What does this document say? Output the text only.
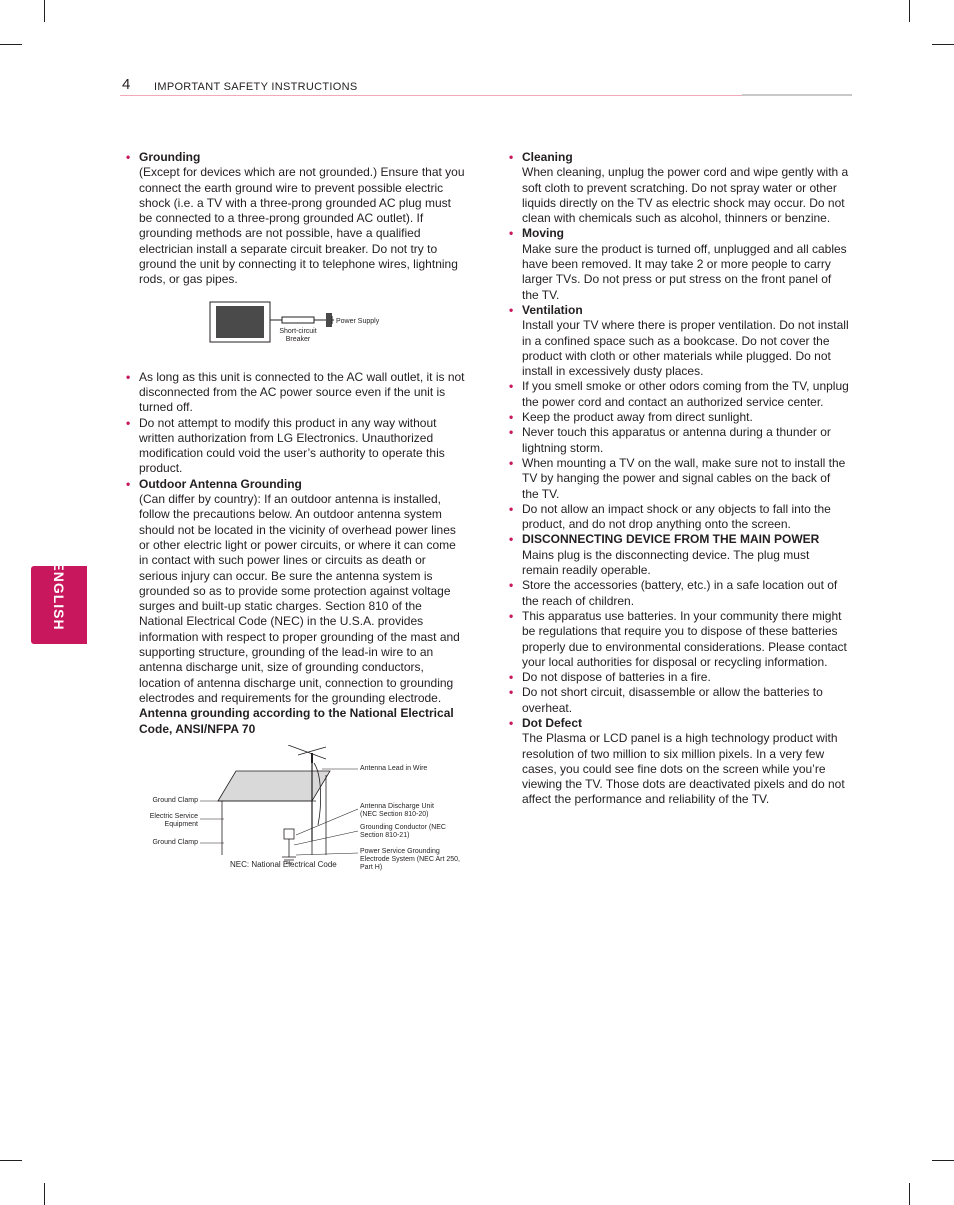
4 IMPORTANT SAFETY INSTRUCTIONS
ENGLISH
• Grounding
(Except for devices which are not grounded.) Ensure that you connect the earth ground wire to prevent possible electric shock (i.e. a TV with a three-prong grounded AC plug must be connected to a three-prong grounded AC outlet). If grounding methods are not possible, have a qualified electrician install a separate circuit breaker. Do not try to ground the unit by connecting it to telephone wires, lightning rods, or gas pipes.
Short-circuit Breaker
Power Supply
• As long as this unit is connected to the AC wall outlet, it is not disconnected from the AC power source even if the unit is turned off.
• Do not attempt to modify this product in any way without written authorization from LG Electronics. Unauthorized modification could void the user’s authority to operate this product.
• Outdoor Antenna Grounding
(Can differ by country): If an outdoor antenna is installed, follow the precautions below. An outdoor antenna system should not be located in the vicinity of overhead power lines or other electric light or power circuits, or where it can come in contact with such power lines or circuits as death or serious injury can occur. Be sure the antenna system is grounded so as to provide some protection against voltage surges and built-up static charges. Section 810 of the National Electrical Code (NEC) in the U.S.A. provides information with respect to proper grounding of the mast and supporting structure, grounding of the lead-in wire to an antenna discharge unit, size of grounding conductors, location of antenna discharge unit, connection to grounding electrodes and requirements for the grounding electrode.
Antenna grounding according to the National Electrical Code, ANSI/NFPA 70
Antenna Lead in Wire
Ground Clamp
Electric Service Equipment
Ground Clamp
Antenna Discharge Unit (NEC Section 810-20)
Grounding Conductor (NEC Section 810-21)
Power Service Grounding Electrode System (NEC Art 250, Part H)
NEC: National Electrical Code
• Cleaning
When cleaning, unplug the power cord and wipe gently with a soft cloth to prevent scratching. Do not spray water or other liquids directly on the TV as electric shock may occur. Do not clean with chemicals such as alcohol, thinners or benzine.
• Moving
Make sure the product is turned off, unplugged and all cables have been removed. It may take 2 or more people to carry larger TVs. Do not press or put stress on the front panel of the TV.
• Ventilation
Install your TV where there is proper ventilation. Do not install in a confined space such as a bookcase. Do not cover the product with cloth or other materials while plugged. Do not install in excessively dusty places.
• If you smell smoke or other odors coming from the TV, unplug the power cord and contact an authorized service center.
• Keep the product away from direct sunlight.
• Never touch this apparatus or antenna during a thunder or lightning storm.
• When mounting a TV on the wall, make sure not to install the TV by hanging the power and signal cables on the back of the TV.
• Do not allow an impact shock or any objects to fall into the product, and do not drop anything onto the screen.
• DISCONNECTING DEVICE FROM THE MAIN POWER
Mains plug is the disconnecting device. The plug must remain readily operable.
• Store the accessories (battery, etc.) in a safe location out of the reach of children.
• This apparatus use batteries. In your community there might be regulations that require you to dispose of these batteries properly due to environmental considerations. Please contact your local authorities for disposal or recycling information.
• Do not dispose of batteries in a fire.
• Do not short circuit, disassemble or allow the batteries to overheat.
• Dot Defect
The Plasma or LCD panel is a high technology product with resolution of two million to six million pixels. In a very few cases, you could see fine dots on the screen while you’re viewing the TV. Those dots are deactivated pixels and do not affect the performance and reliability of the TV.
